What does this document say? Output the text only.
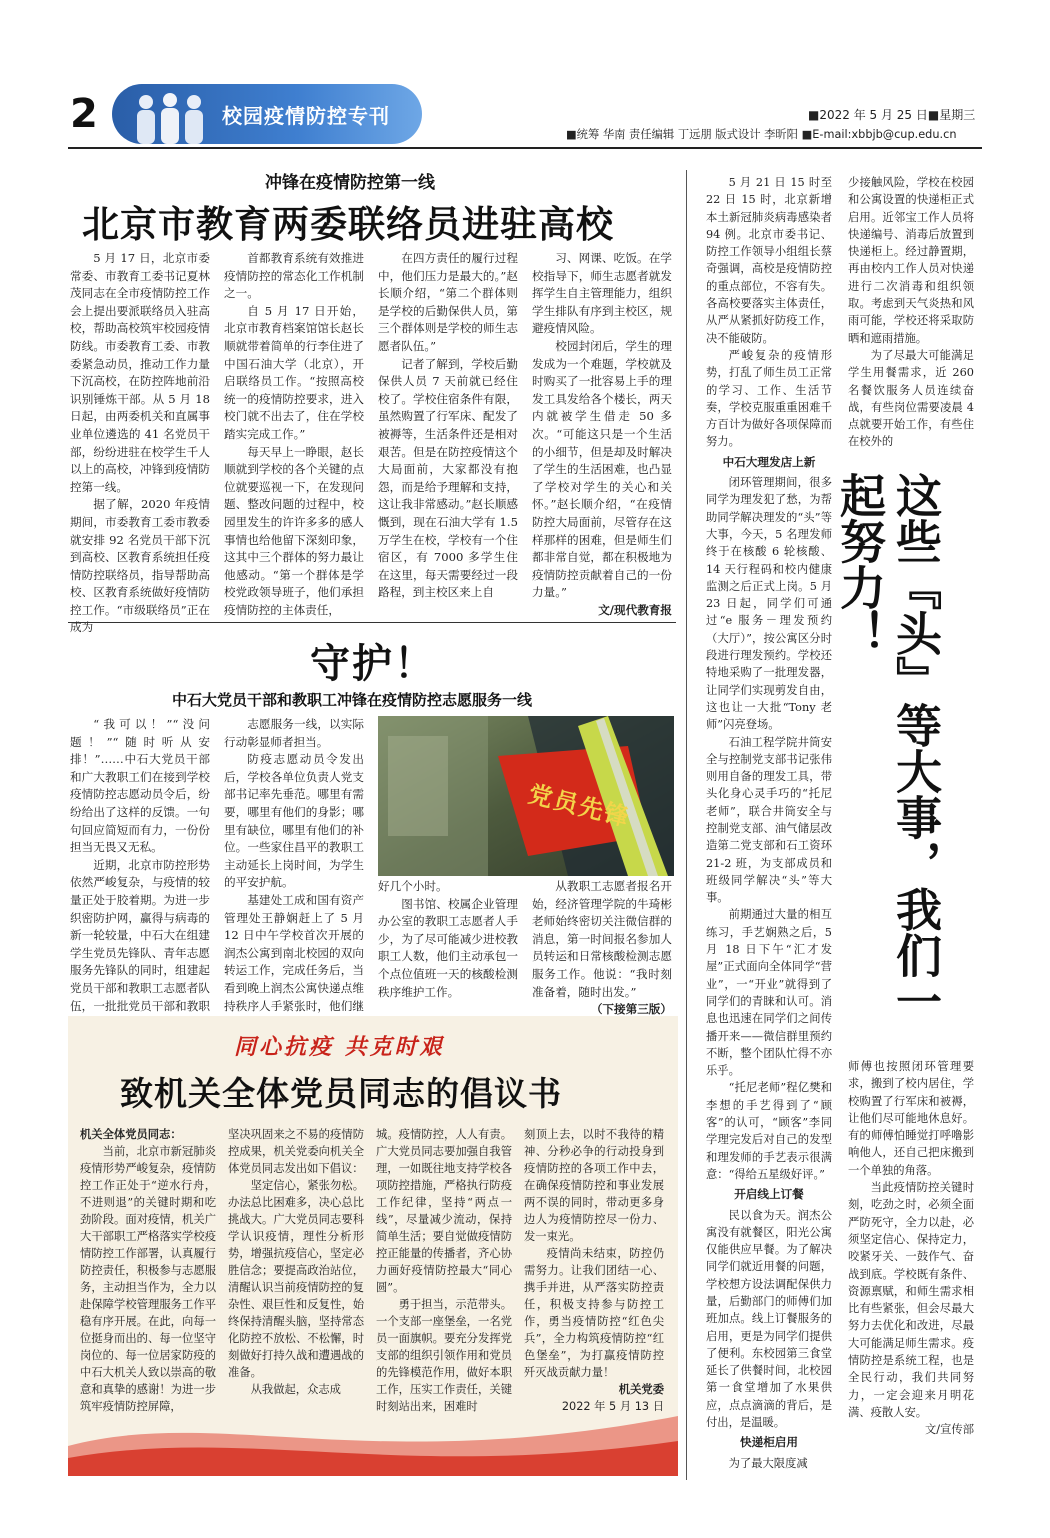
2	校园疫情防控专刊	■2022 年 5 月 25 日■星期三
■统筹 华南 责任编辑 丁远朋 版式设计 李昕阳 ■E-mail:xbbjb@cup.edu.cn
冲锋在疫情防控第一线
北京市教育两委联络员进驻高校

5 月 17 日，北京市委常委、市教育工委书记夏林茂同志在全市疫情防控工作会上提出要派联络员入驻高校，帮助高校筑牢校园疫情防线。市委教育工委、市教委紧急动员，推动工作力量下沉高校，在防控阵地前沿识别锤炼干部。从 5 月 18 日起，由两委机关和直属事业单位遴选的 41 名党员干部，纷纷进驻在校学生千人以上的高校，冲锋到疫情防控第一线。

据了解，2020 年疫情期间，市委教育工委市教委就安排 92 名党员干部下沉到高校、区教育系统担任疫情防控联络员，指导帮助高校、区教育系统做好疫情防控工作。“市级联络员”正在成为

首都教育系统有效推进疫情防控的常态化工作机制之一。

自 5 月 17 日开始，北京市教育档案馆馆长赵长顺就带着简单的行李住进了中国石油大学（北京），开启联络员工作。“按照高校统一的疫情防控要求，进入校门就不出去了，住在学校踏实完成工作。”

每天早上一睁眼，赵长顺就到学校的各个关键的点位就要巡视一下，在发现问题、整改问题的过程中，校园里发生的许许多多的感人事情也给他留下深刻印象，这其中三个群体的努力最让他感动。“第一个群体是学校党政领导班子，他们承担疫情防控的主体责任，

在四方责任的履行过程中，他们压力是最大的。”赵长顺介绍，“第二个群体则是学校的后勤保供人员，第三个群体则是学校的师生志愿者队伍。”

记者了解到，学校后勤保供人员 7 天前就已经住校了。学校住宿条件有限，虽然购置了行军床、配发了被褥等，生活条件还是相对艰苦。但是在防控疫情这个大局面前，大家都没有抱怨，而是给予理解和支持，这让我非常感动。”赵长顺感慨到，现在石油大学有 1.5 万学生在校，学校有一个住宿区，有 7000 多学生住在这里，每天需要经过一段路程，到主校区来上自

习、网课、吃饭。在学校指导下，师生志愿者就发挥学生自主管理能力，组织学生排队有序到主校区，规避疫情风险。

校园封闭后，学生的理发成为一个难题，学校就及时购买了一批容易上手的理发工具发给各个楼长，两天内就被学生借走 50 多次。“可能这只是一个生活的小细节，但是却及时解决了学生的生活困难，也凸显了学校对学生的关心和关怀。”赵长顺介绍，“在疫情防控大局面前，尽管存在这样那样的困难，但是师生们都非常自觉，都在积极地为疫情防控贡献着自己的一份力量。”

文/现代教育报

守护！
中石大党员干部和教职工冲锋在疫情防控志愿服务一线

“我可以！”“没问题！”“随时听从安排！”……中石大党员干部和广大教职工们在接到学校疫情防控志愿动员令后，纷纷给出了这样的反馈。一句句回应简短而有力，一份份担当无畏又无私。

近期，北京市防控形势依然严峻复杂，与疫情的较量正处于胶着期。为进一步织密防护网，赢得与病毒的新一轮较量，中石大在组建学生党员先锋队、青年志愿服务先锋队的同时，组建起党员干部和教职工志愿者队伍，一批批党员干部和教职

志愿服务一线，以实际行动彰显师者担当。

防疫志愿动员令发出后，学校各单位负责人党支部书记率先垂范。哪里有需要，哪里有他们的身影；哪里有缺位，哪里有他们的补位。一些家住昌平的教职工主动延长上岗时间，为学生的平安护航。

基建处工成和国有资产管理处王静娴赶上了 5 月 12 日中午学校首次开展的润杰公寓到南北校园的双向转运工作，完成任务后，当看到晚上润杰公寓快递点维持秩序人手紧张时，他们继

党员先锋

好几个小时。

图书馆、校属企业管理办公室的教职工志愿者人手少，为了尽可能减少进校教职工人数，他们主动承包一个点位值班一天的核酸检测秩序维护工作。

从教职工志愿者报名开始，经济管理学院的牛琦彬老师始终密切关注微信群的消息，第一时间报名参加人员转运和日常核酸检测志愿服务工作。他说：“我时刻准备着，随时出发。”

（下接第三版）

同心抗疫 共克时艰
致机关全体党员同志的倡议书

机关全体党员同志：

当前，北京市新冠肺炎疫情形势严峻复杂，疫情防控工作正处于“逆水行舟，不进则退”的关键时期和吃劲阶段。面对疫情，机关广大干部职工严格落实学校疫情防控工作部署，认真履行防控责任，积极参与志愿服务，主动担当作为，全力以赴保障学校管理服务工作平稳有序开展。在此，向每一位挺身而出的、每一位坚守岗位的、每一位居家防疫的中石大机关人致以崇高的敬意和真挚的感谢！为进一步筑牢疫情防控屏障，

坚决巩固来之不易的疫情防控成果，机关党委向机关全体党员同志发出如下倡议：

坚定信心，紧张勿松。办法总比困难多，决心总比挑战大。广大党员同志要科学认识疫情，理性分析形势，增强抗疫信心，坚定必胜信念；要提高政治站位，清醒认识当前疫情防控的复杂性、艰巨性和反复性，始终保持清醒头脑，坚持常态化防控不放松、不松懈，时刻做好打持久战和遭遇战的准备。

从我做起，众志成

城。疫情防控，人人有责。广大党员同志要加强自我管理，一如既往地支持学校各项防控措施，严格执行防疫工作纪律，坚持“两点一线”，尽量减少流动，保持简单生活；要自觉做疫情防控正能量的传播者，齐心协力画好疫情防控最大“同心圆”。

勇于担当，示范带头。一个支部一座堡垒，一名党员一面旗帜。要充分发挥党支部的组织引领作用和党员的先锋模范作用，做好本职工作，压实工作责任，关键时刻站出来，困难时

刻顶上去，以时不我待的精神、分秒必争的行动投身到疫情防控的各项工作中去，在确保疫情防控和事业发展两不误的同时，带动更多身边人为疫情防控尽一份力、发一束光。

疫情尚未结束，防控仍需努力。让我们团结一心、携手并进，从严落实防控责任，积极支持参与防控工作，勇当疫情防控“红色尖兵”，全力构筑疫情防控“红色堡垒”，为打赢疫情防控歼灭战贡献力量！

机关党委

2022 年 5 月 13 日

5 月 21 日 15 时至 22 日 15 时，北京新增本土新冠肺炎病毒感染者 94 例。北京市委书记、防控工作领导小组组长蔡奇强调，高校是疫情防控的重点部位，不容有失。各高校要落实主体责任，从严从紧抓好防疫工作，决不能破防。

严峻复杂的疫情形势，打乱了师生员工正常的学习、工作、生活节奏，学校克服重重困难千方百计为做好各项保障而努力。

中石大理发店上新

闭环管理期间，很多同学为理发犯了愁，为帮助同学解决理发的“头”等大事，今天，5 名理发师终于在核酸 6 轮核酸、14 天行程码和校内健康监测之后正式上岗。5 月 23 日起，同学们可通过“e 服务－理发预约（大厅）”，按公寓区分时段进行理发预约。学校还特地采购了一批理发器，让同学们实现剪发自由，这也让一大批“Tony 老师”闪亮登场。

石油工程学院井筒安全与控制党支部书记张伟则用自备的理发工具，带头化身心灵手巧的“托尼老师”，联合井筒安全与控制党支部、油气储层改造第二党支部和石工资环 21-2 班，为支部成员和班级同学解决“头”等大事。

前期通过大量的相互练习，手艺娴熟之后，5 月 18 日下午“汇才发屋”正式面向全体同学“营业”，一“开业”就得到了同学们的青睐和认可。消息也迅速在同学们之间传播开来——微信群里预约不断，整个团队忙得不亦乐乎。

“托尼老师”程亿樊和李想的手艺得到了“顾客”的认可，“顾客”李同学理完发后对自己的发型和理发师的手艺表示很满意：“得给五星级好评。”

开启线上订餐

民以食为天。润杰公寓没有就餐区，阳光公寓仅能供应早餐。为了解决同学们就近用餐的问题，学校想方设法调配保供力量，后勤部门的师傅们加班加点。线上订餐服务的启用，更是为同学们提供了便利。东校园第三食堂延长了供餐时间，北校园第一食堂增加了水果供应，点点滴滴的背后，是付出，是温暖。

快递柜启用

为了最大限度减

少接触风险，学校在校园和公寓设置的快递柜正式启用。近邻宝工作人员将快递编号、消毒后放置到快递柜上。经过静置期，再由校内工作人员对快递进行二次消毒和组织领取。考虑到天气炎热和风雨可能，学校还将采取防晒和遮雨措施。

为了尽最大可能满足学生用餐需求，近 260 名餐饮服务人员连续奋战，有些岗位需要凌晨 4 点就要开始工作，有些住在校外的

这些『头』等大事，我们一起努力！

师傅也按照闭环管理要求，搬到了校内居住，学校购置了行军床和被褥，让他们尽可能地休息好。有的师傅怕睡觉打呼噜影响他人，还自己把床搬到一个单独的角落。

当此疫情防控关键时刻，吃劲之时，必须全面严防死守，全力以赴，必须坚定信心、保持定力，咬紧牙关、一鼓作气、奋战到底。学校既有条件、资源禀赋，和师生需求相比有些紧张，但会尽最大努力去优化和改进，尽最大可能满足师生需求。疫情防控是系统工程，也是全民行动，我们共同努力，一定会迎来月明花满、疫散人安。

文/宣传部
